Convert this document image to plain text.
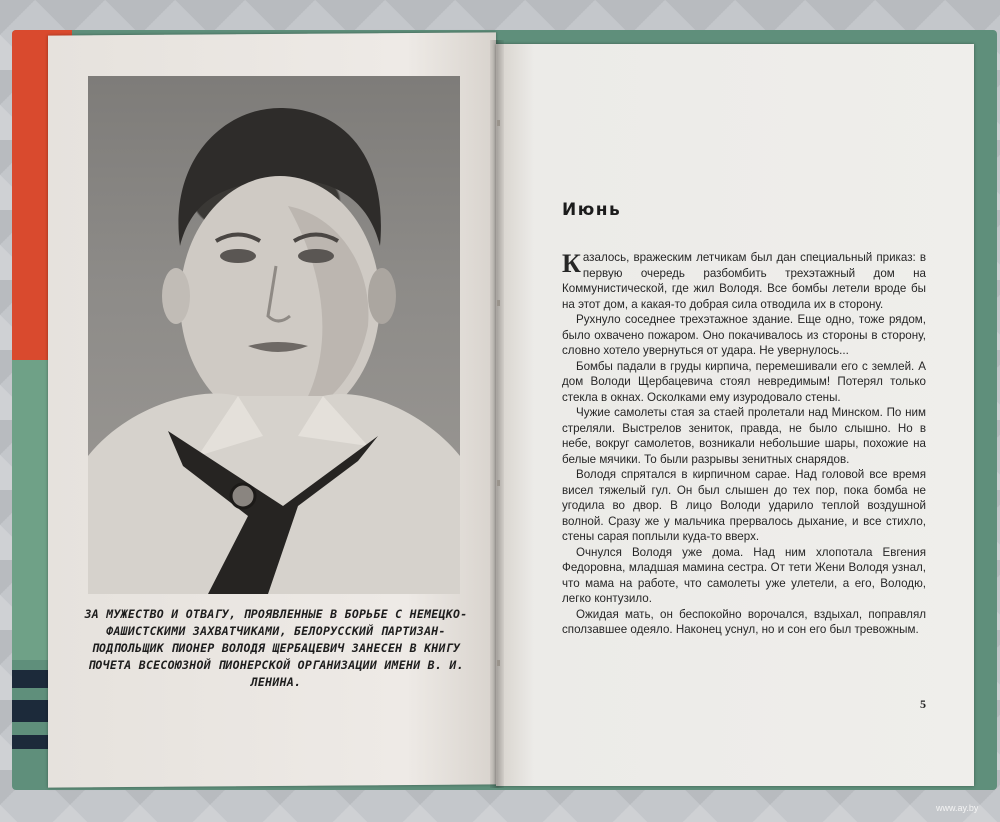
ЗА МУЖЕСТВО И ОТВАГУ, ПРОЯВЛЕННЫЕ В БОРЬБЕ С НЕМЕЦКО-ФАШИСТСКИМИ ЗАХВАТЧИКАМИ, БЕЛОРУССКИЙ ПАРТИЗАН-ПОДПОЛЬЩИК ПИОНЕР ВОЛОДЯ ЩЕРБАЦЕВИЧ ЗАНЕСЕН В КНИГУ ПОЧЕТА ВСЕСОЮЗНОЙ ПИОНЕРСКОЙ ОРГАНИЗАЦИИ ИМЕНИ В. И. ЛЕНИНА.
Июнь

Казалось, вражеским летчикам был дан специальный приказ: в первую очередь разбомбить трехэтажный дом на Коммунистической, где жил Володя. Все бомбы летели вроде бы на этот дом, а какая-то добрая сила отводила их в сторону.

Рухнуло соседнее трехэтажное здание. Еще одно, тоже рядом, было охвачено пожаром. Оно покачивалось из стороны в сторону, словно хотело увернуться от удара. Не увернулось...

Бомбы падали в груды кирпича, перемешивали его с землей. А дом Володи Щербацевича стоял невредимым! Потерял только стекла в окнах. Осколками ему изуродовало стены.

Чужие самолеты стая за стаей пролетали над Минском. По ним стреляли. Выстрелов зениток, правда, не было слышно. Но в небе, вокруг самолетов, возникали небольшие шары, похожие на белые мячики. То были разрывы зенитных снарядов.

Володя спрятался в кирпичном сарае. Над головой все время висел тяжелый гул. Он был слышен до тех пор, пока бомба не угодила во двор. В лицо Володи ударило теплой воздушной волной. Сразу же у мальчика прервалось дыхание, и все стихло, стены сарая поплыли куда-то вверх.

Очнулся Володя уже дома. Над ним хлопотала Евгения Федоровна, младшая мамина сестра. От тети Жени Володя узнал, что мама на работе, что самолеты уже улетели, а его, Володю, легко контузило.

Ожидая мать, он беспокойно ворочался, вздыхал, поправлял сползавшее одеяло. Наконец уснул, но и сон его был тревожным.

5
www.ay.by
